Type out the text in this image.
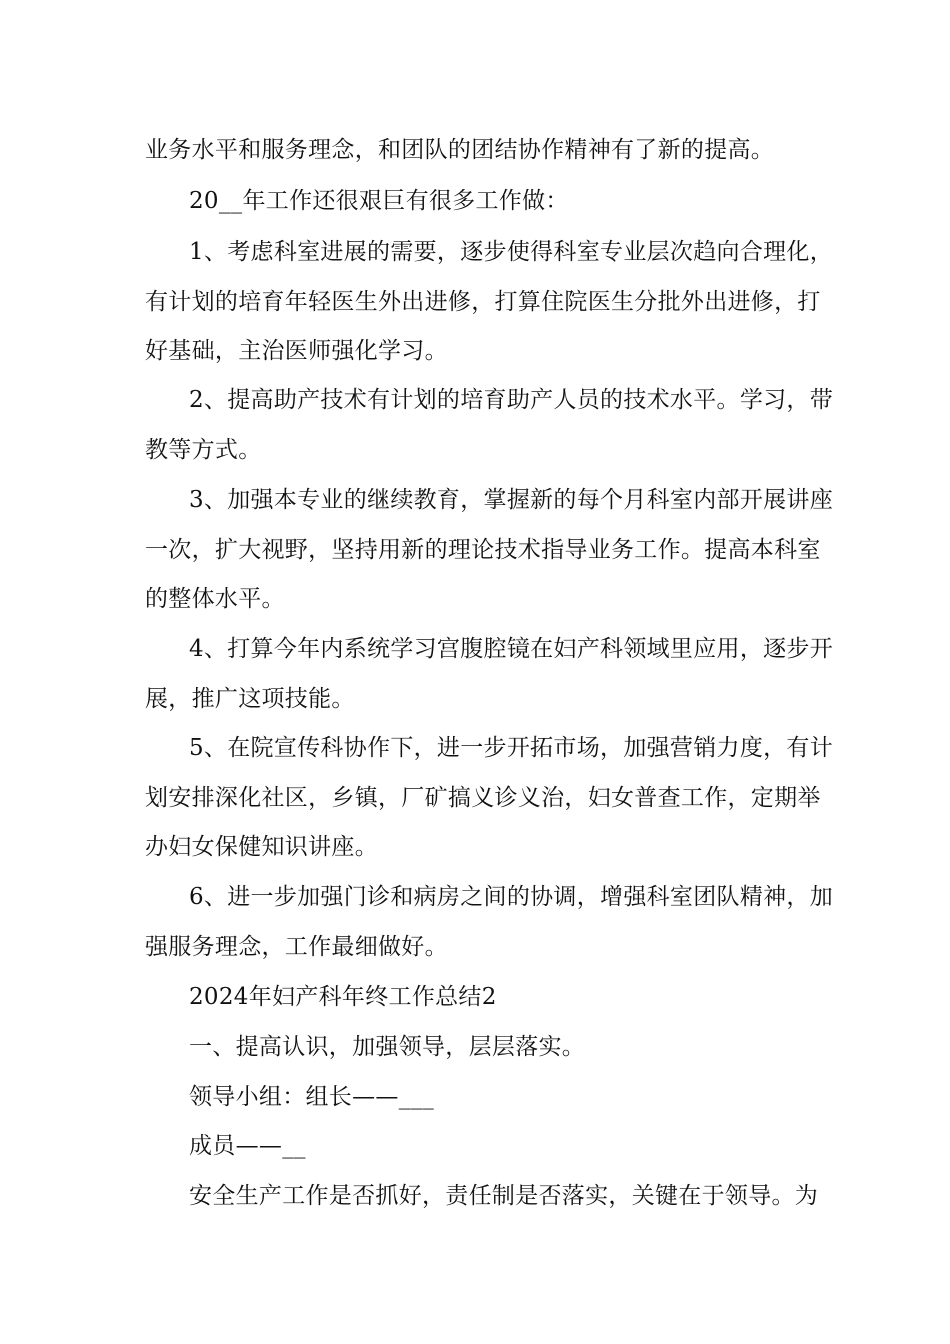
业务水平和服务理念，和团队的团结协作精神有了新的提高。

20__年工作还很艰巨有很多工作做：

1、考虑科室进展的需要，逐步使得科室专业层次趋向合理化，
有计划的培育年轻医生外出进修，打算住院医生分批外出进修，打
好基础，主治医师强化学习。

2、提高助产技术有计划的培育助产人员的技术水平。学习，带
教等方式。

3、加强本专业的继续教育，掌握新的每个月科室内部开展讲座
一次，扩大视野，坚持用新的理论技术指导业务工作。提高本科室
的整体水平。

4、打算今年内系统学习宫腹腔镜在妇产科领域里应用，逐步开
展，推广这项技能。

5、在院宣传科协作下，进一步开拓市场，加强营销力度，有计
划安排深化社区，乡镇，厂矿搞义诊义治，妇女普查工作，定期举
办妇女保健知识讲座。

6、进一步加强门诊和病房之间的协调，增强科室团队精神，加
强服务理念，工作最细做好。

2024年妇产科年终工作总结2

一、提高认识，加强领导，层层落实。

领导小组：组长——___

成员——__

安全生产工作是否抓好，责任制是否落实，关键在于领导。为
